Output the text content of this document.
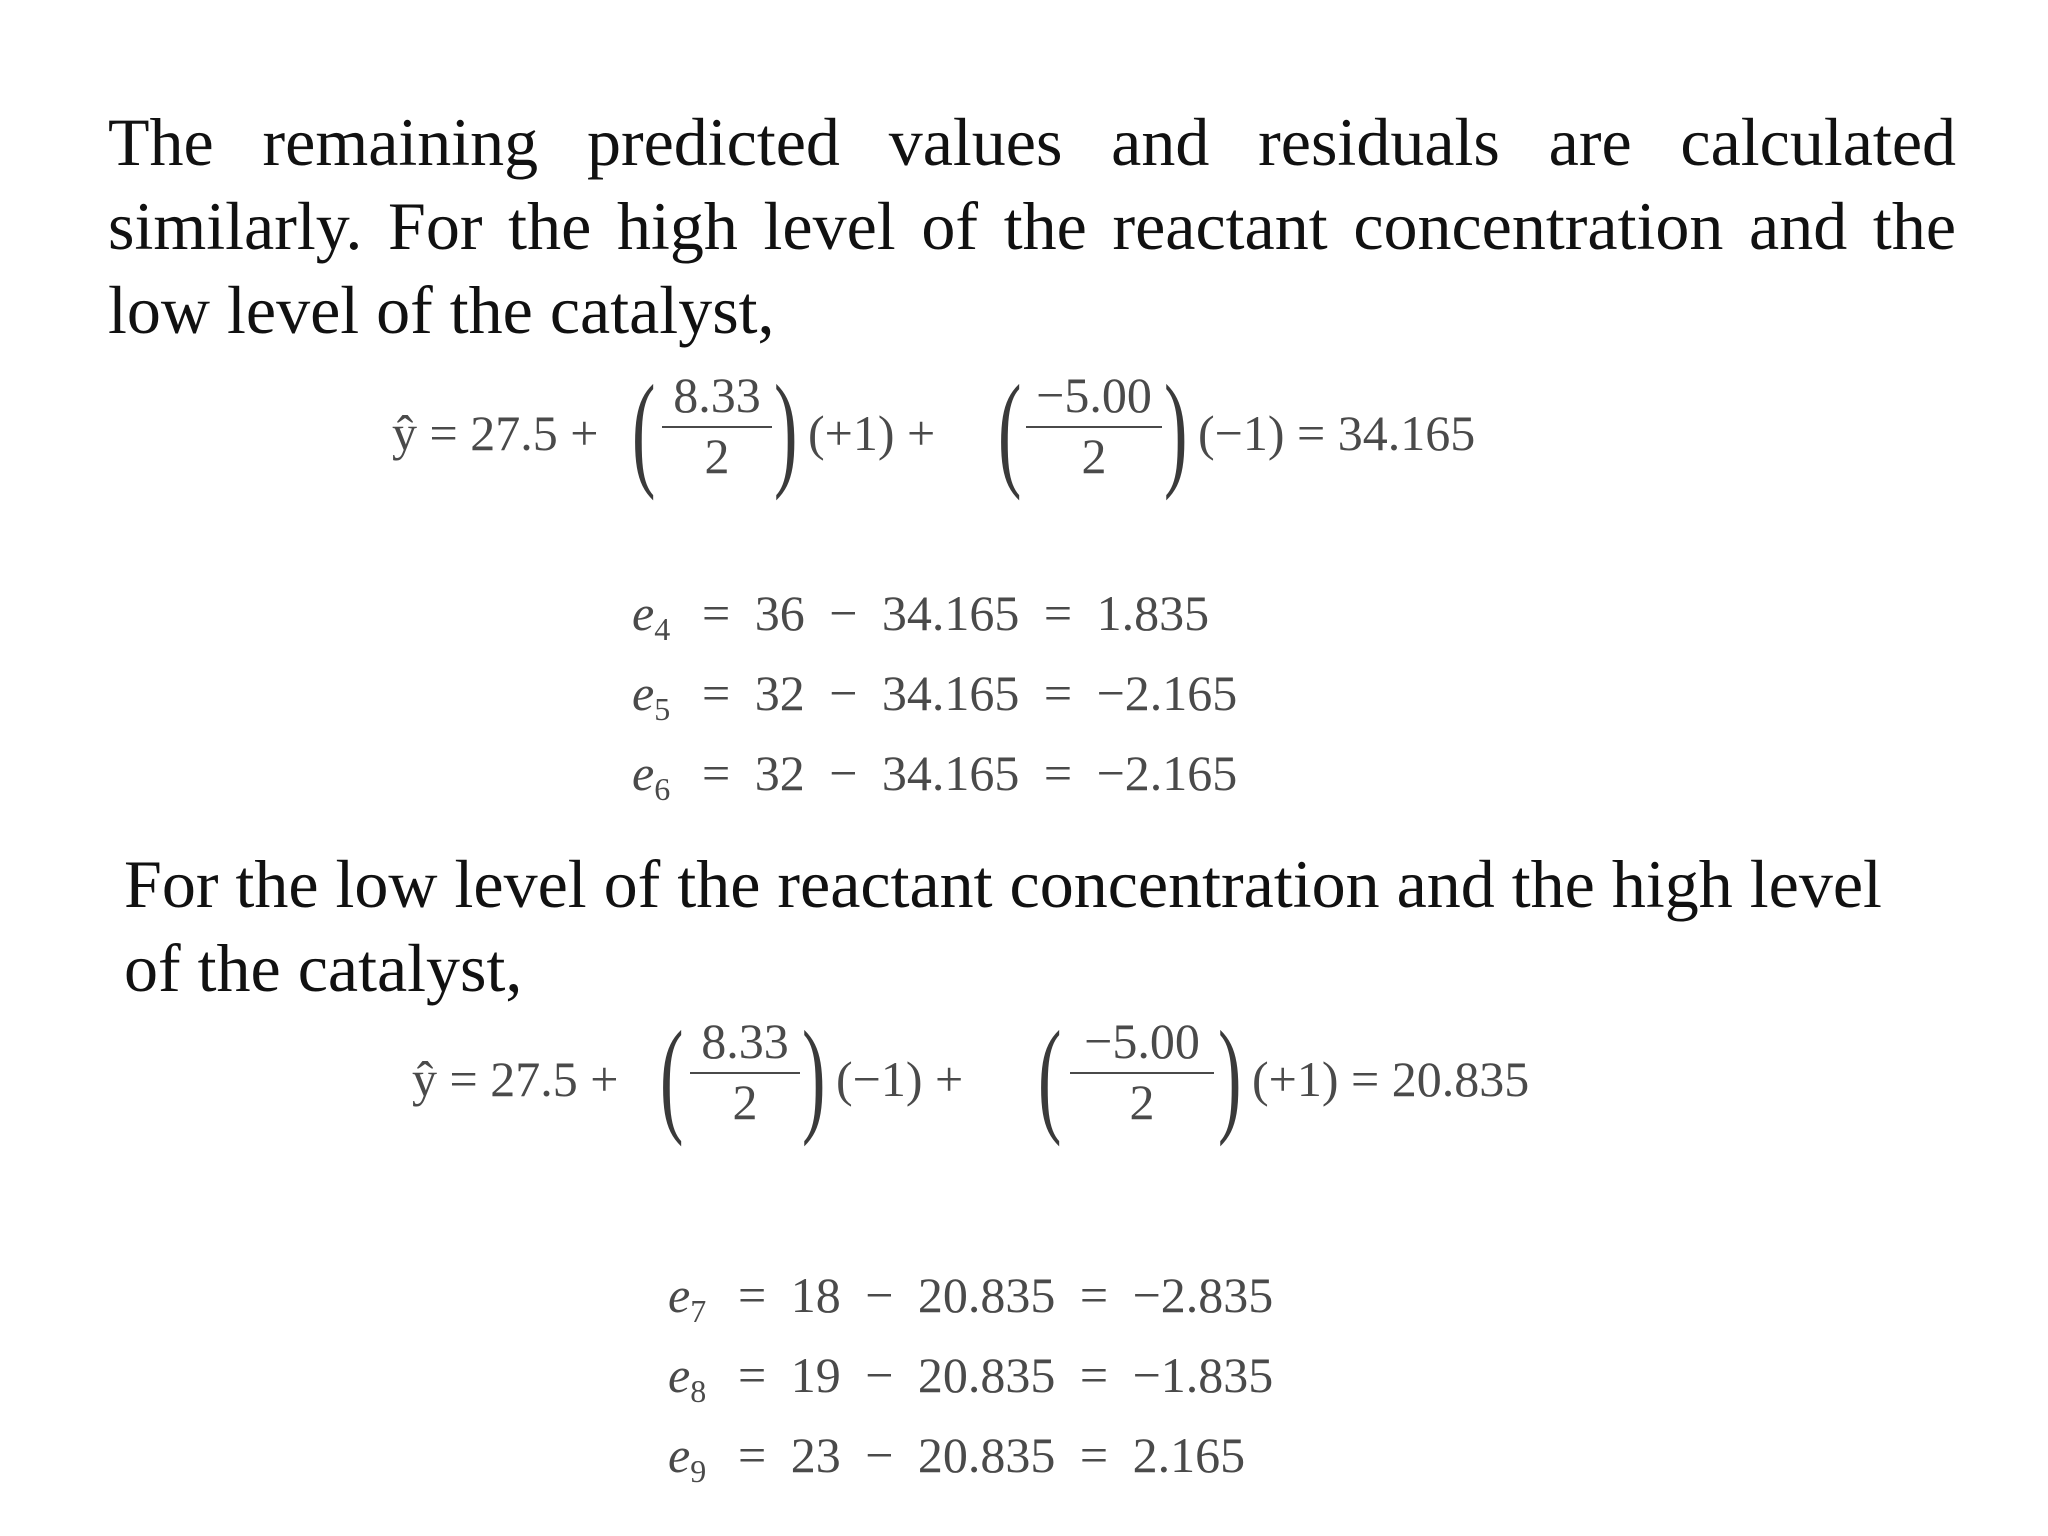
The remaining predicted values and residuals are calculated similarly. For the high level of the reactant concentration and the low level of the catalyst,
ŷ = 27.5 + ( 8.33
2 ) (+1) + ( −5.00
2 ) (−1) = 34.165
$e_4 = 36 - 34.165 = 1.835$
$e_5 = 32 - 34.165 = -2.165$
$e_6 = 32 - 34.165 = -2.165$
For the low level of the reactant concentration and the high level of the catalyst,
ŷ = 27.5 + ( 8.33
2 ) (−1) + ( −5.00
2 ) (+1) = 20.835
$e_7 = 18 - 20.835 = -2.835$
$e_8 = 19 - 20.835 = -1.835$
$e_9 = 23 - 20.835 = 2.165$
